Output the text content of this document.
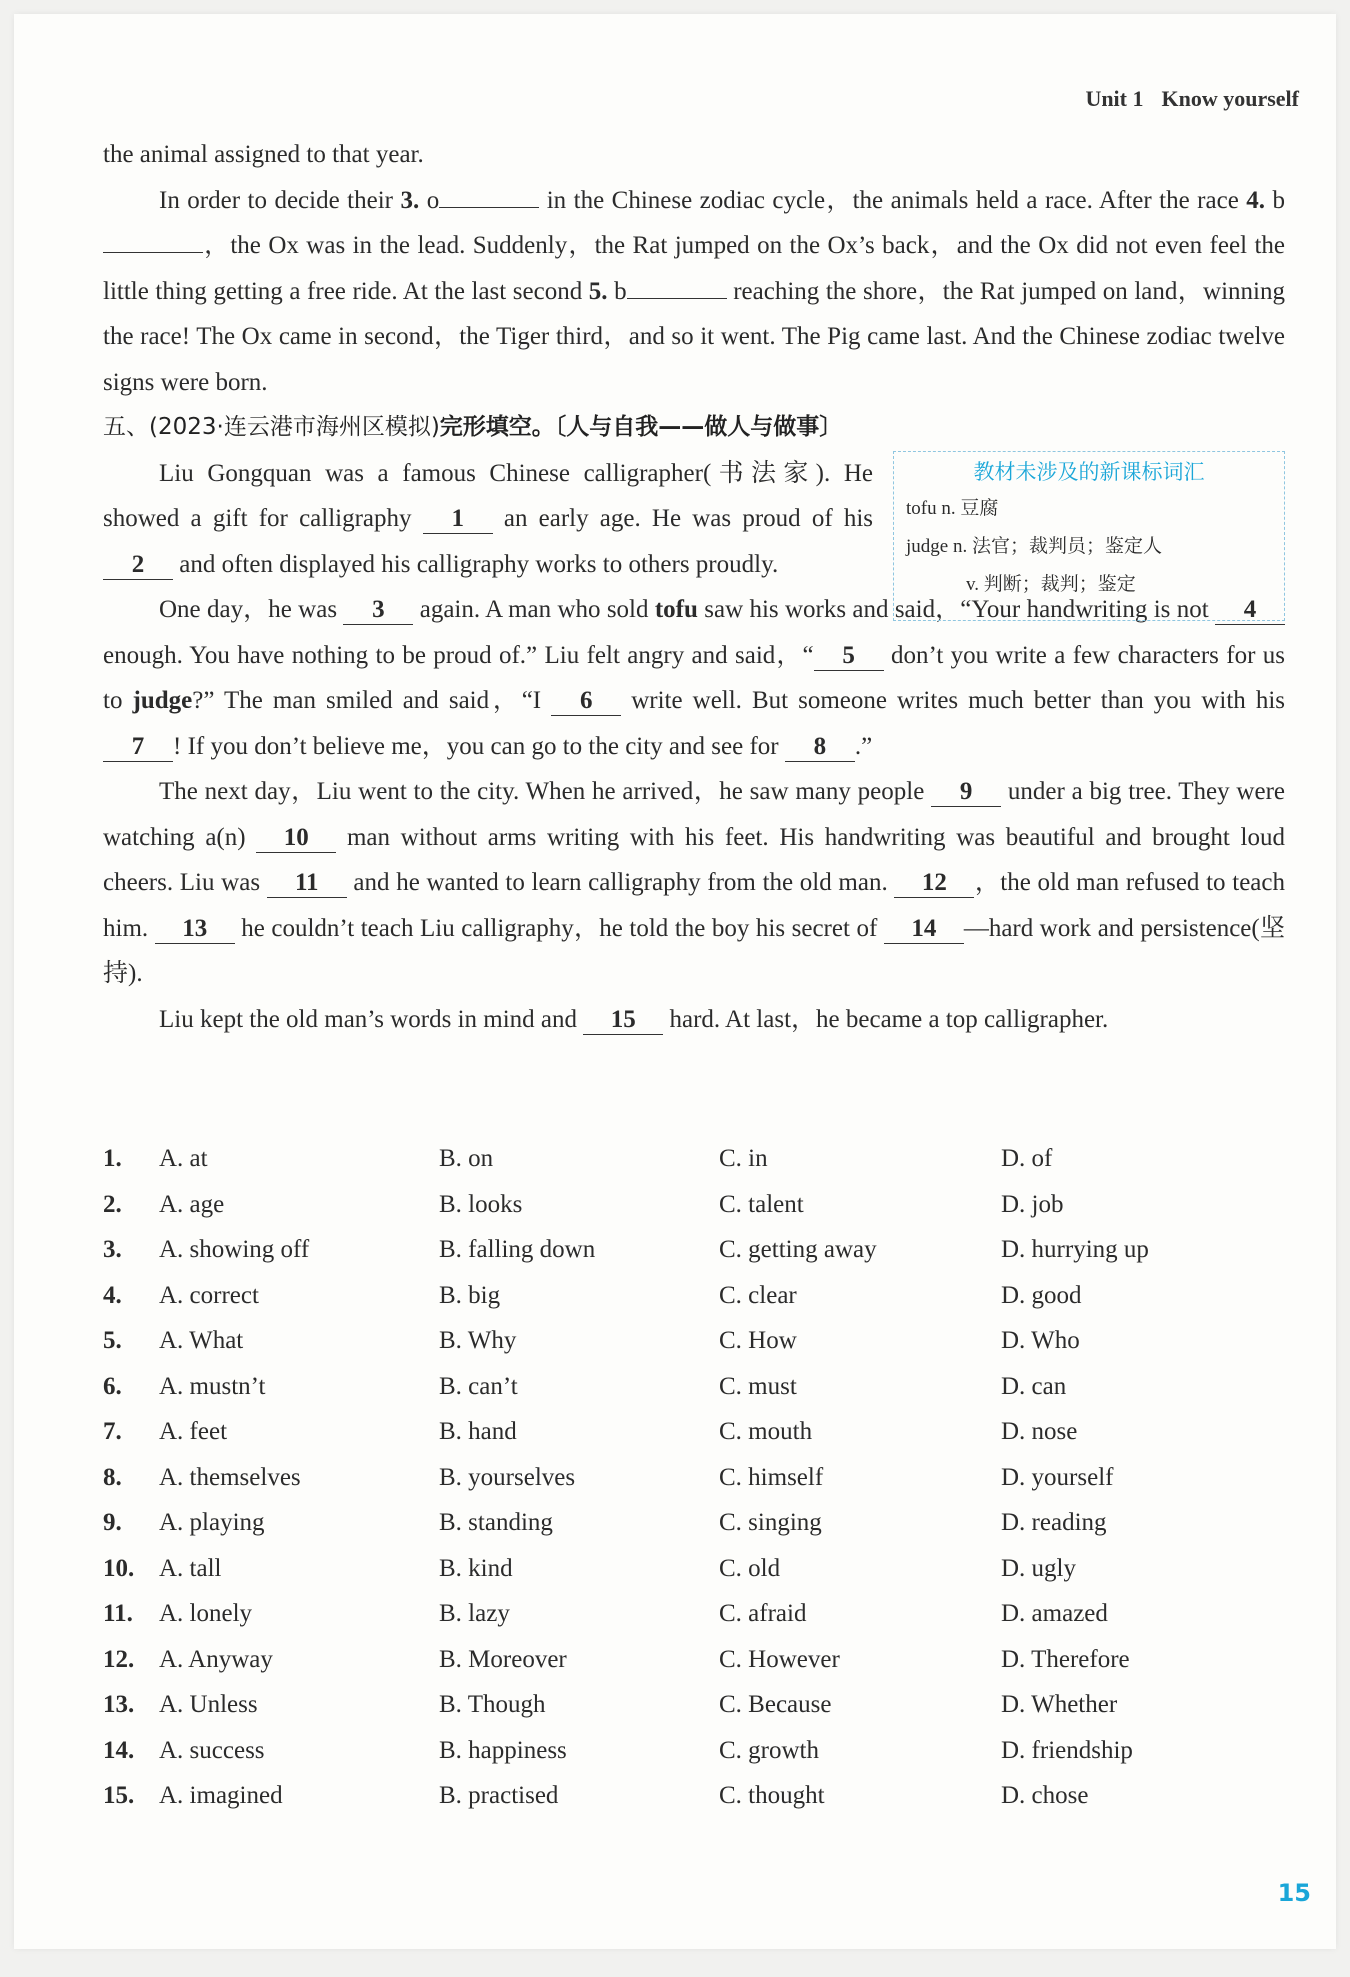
Unit 1 Know yourself

the animal assigned to that year.

In order to decide their 3. o	in the Chinese zodiac cycle，the animals held a race. After the race 4. b，the Ox was in the lead. Suddenly，the Rat jumped on the Ox’s back，and the Ox did not even feel the little thing getting a free ride. At the last second 5. b	reaching the shore，the Rat jumped on land，winning the race! The Ox came in second，the Tiger third，and so it went. The Pig came last. And the Chinese zodiac twelve signs were born.

五、(2023·连云港市海州区模拟)完形填空。〔人与自我——做人与做事〕

教材未涉及的新课标词汇
tofu n. 豆腐
judge n. 法官；裁判员；鉴定人
v. 判断；裁判；鉴定

Liu Gongquan was a famous Chinese calligrapher(书法家). He showed a gift for calligraphy 1 an early age. He was proud of his 2 and often displayed his calligraphy works to others proudly.

One day，he was 3 again. A man who sold tofu saw his works and said，“Your handwriting is not 4 enough. You have nothing to be proud of.” Liu felt angry and said，“ 5 don’t you write a few characters for us to judge?” The man smiled and said，“I 6 write well. But someone writes much better than you with his 7 ! If you don’t believe me，you can go to the city and see for 8 .”

The next day，Liu went to the city. When he arrived，he saw many people 9 under a big tree. They were watching a(n) 10 man without arms writing with his feet. His handwriting was beautiful and brought loud cheers. Liu was 11 and he wanted to learn calligraphy from the old man. 12 ，the old man refused to teach him. 13 he couldn’t teach Liu calligraphy，he told the boy his secret of 14 —hard work and persistence(坚持).

Liu kept the old man’s words in mind and 15 hard. At last，he became a top calligrapher.

1. A. at	B. on	C. in	D. of
2. A. age	B. looks	C. talent	D. job
3. A. showing off	B. falling down	C. getting away	D. hurrying up
4. A. correct	B. big	C. clear	D. good
5. A. What	B. Why	C. How	D. Who
6. A. mustn’t	B. can’t	C. must	D. can
7. A. feet	B. hand	C. mouth	D. nose
8. A. themselves	B. yourselves	C. himself	D. yourself
9. A. playing	B. standing	C. singing	D. reading
10. A. tall	B. kind	C. old	D. ugly
11. A. lonely	B. lazy	C. afraid	D. amazed
12. A. Anyway	B. Moreover	C. However	D. Therefore
13. A. Unless	B. Though	C. Because	D. Whether
14. A. success	B. happiness	C. growth	D. friendship
15. A. imagined	B. practised	C. thought	D. chose
15
